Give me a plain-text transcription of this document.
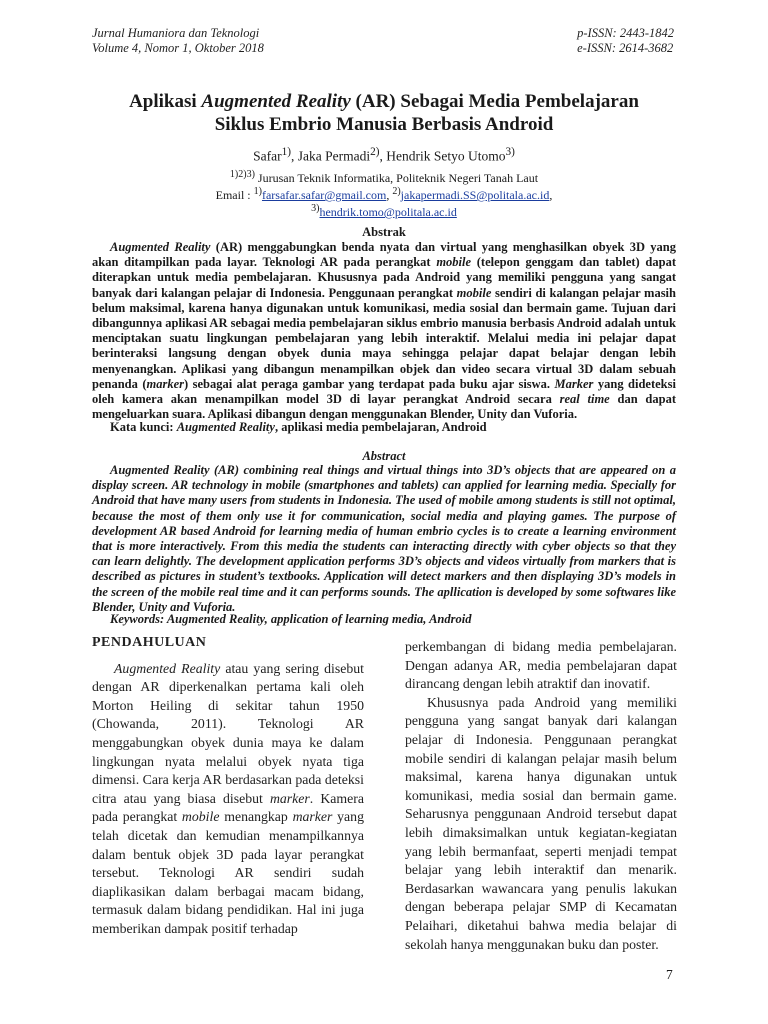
Jurnal Humaniora dan Teknologi
Volume 4, Nomor 1, Oktober 2018
p-ISSN: 2443-1842
e-ISSN: 2614-3682
Aplikasi Augmented Reality (AR) Sebagai Media Pembelajaran
Siklus Embrio Manusia Berbasis Android
Safar$^{1)}$, Jaka Permadi$^{2)}$, Hendrik Setyo Utomo$^{3)}$
$^{1)2)3)}$ Jurusan Teknik Informatika, Politeknik Negeri Tanah Laut
Email : $^{1)}$farsafar.safar@gmail.com, $^{2)}$jakapermadi.SS@politala.ac.id,
$^{3)}$hendrik.tomo@politala.ac.id
Abstrak
Augmented Reality (AR) menggabungkan benda nyata dan virtual yang menghasilkan obyek 3D yang akan ditampilkan pada layar. Teknologi AR pada perangkat mobile (telepon genggam dan tablet) dapat diterapkan untuk media pembelajaran. Khususnya pada Android yang memiliki pengguna yang sangat banyak dari kalangan pelajar di Indonesia. Penggunaan perangkat mobile sendiri di kalangan pelajar masih belum maksimal, karena hanya digunakan untuk komunikasi, media sosial dan bermain game. Tujuan dari dibangunnya aplikasi AR sebagai media pembelajaran siklus embrio manusia berbasis Android adalah untuk menciptakan suatu lingkungan pembelajaran yang lebih interaktif. Melalui media ini pelajar dapat berinteraksi langsung dengan obyek dunia maya sehingga pelajar dapat belajar dengan lebih menyenangkan. Aplikasi yang dibangun menampilkan objek dan video secara virtual 3D dalam sebuah penanda (marker) sebagai alat peraga gambar yang terdapat pada buku ajar siswa. Marker yang dideteksi oleh kamera akan menampilkan model 3D di layar perangkat Android secara real time dan dapat mengeluarkan suara. Aplikasi dibangun dengan menggunakan Blender, Unity dan Vuforia.
Kata kunci: Augmented Reality, aplikasi media pembelajaran, Android
Abstract
Augmented Reality (AR) combining real things and virtual things into 3D’s objects that are appeared on a display screen. AR technology in mobile (smartphones and tablets) can applied for learning media. Specially for Android that have many users from students in Indonesia. The used of mobile among students is still not optimal, because the most of them only use it for communication, social media and playing games. The purpose of development AR based Android for learning media of human embrio cycles is to create a learning environment that is more interactively. From this media the students can interacting directly with cyber objects so that they can learn delightly. The development application performs 3D’s objects and videos virtually from markers that is described as pictures in student’s textbooks. Application will detect markers and then displaying 3D’s models in the screen of the mobile real time and it can performs sounds. The apllication is developed by some softwares like Blender, Unity and Vuforia.
Keywords: Augmented Reality, application of learning media, Android
PENDAHULUAN
Augmented Reality atau yang sering disebut dengan AR diperkenalkan pertama kali oleh Morton Heiling di sekitar tahun 1950 (Chowanda, 2011). Teknologi AR menggabungkan obyek dunia maya ke dalam lingkungan nyata melalui obyek nyata tiga dimensi. Cara kerja AR berdasarkan pada deteksi citra atau yang biasa disebut marker. Kamera pada perangkat mobile menangkap marker yang telah dicetak dan kemudian menampilkannya dalam bentuk objek 3D pada layar perangkat tersebut. Teknologi AR sendiri sudah diaplikasikan dalam berbagai macam bidang, termasuk dalam bidang pendidikan. Hal ini juga memberikan dampak positif terhadap
perkembangan di bidang media pembelajaran. Dengan adanya AR, media pembelajaran dapat dirancang dengan lebih atraktif dan inovatif.
Khususnya pada Android yang memiliki pengguna yang sangat banyak dari kalangan pelajar di Indonesia. Penggunaan perangkat mobile sendiri di kalangan pelajar masih belum maksimal, karena hanya digunakan untuk komunikasi, media sosial dan bermain game. Seharusnya penggunaan Android tersebut dapat lebih dimaksimalkan untuk kegiatan-kegiatan yang lebih bermanfaat, seperti menjadi tempat belajar yang lebih interaktif dan menarik. Berdasarkan wawancara yang penulis lakukan dengan beberapa pelajar SMP di Kecamatan Pelaihari, diketahui bahwa media belajar di sekolah hanya menggunakan buku dan poster.
7
